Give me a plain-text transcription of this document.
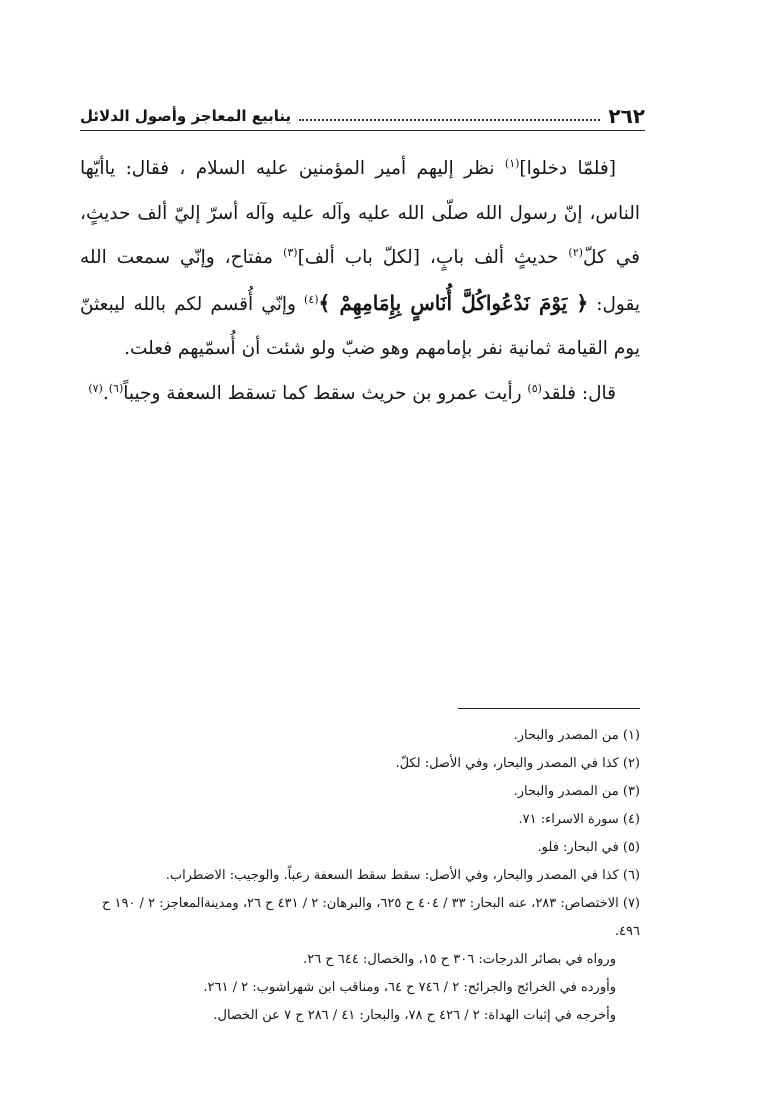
٢٦٢
ينابيع المعاجز وأصول الدلائل

[فلمّا دخلوا]$^{(١)}$ نظر إليهم أمير المؤمنين عليه السلام ، فقال: ياأيّها الناس، إنّ رسول الله صلّى الله عليه وآله عليه وآله أسرّ إليّ ألف حديثٍ، في كلّ$^{(٢)}$ حديثٍ ألف بابٍ، [لكلّ باب ألف]$^{(٣)}$ مفتاح، وإنّي سمعت الله يقول: ﴿ يَوْمَ نَدْعُواكُلَّ أُنَاسٍ بِإِمَامِهِمْ ﴾$^{(٤)}$ وإنّي أُقسم لكم بالله ليبعثنّ يوم القيامة ثمانية نفر بإمامهم وهو ضبّ ولو شئت أن أُسمّيهم فعلت.

قال: فلقد$^{(٥)}$ رأيت عمرو بن حريث سقط كما تسقط السعفة وجيباً$^{(٦)}$.$^{(٧)}$

(١) من المصدر والبحار.

(٢) كذا في المصدر والبحار، وفي الأصل: لكلّ.

(٣) من المصدر والبحار.

(٤) سورة الاسراء: ٧١.

(٥) في البحار: فلو.

(٦) كذا في المصدر والبحار، وفي الأصل: سقط سقط السعفة رعباً. والوجيب: الاضطراب.

(٧) الاختصاص: ٢٨٣، عنه البحار: ٣٣ / ٤٠٤ ح ٦٢٥، والبرهان: ٢ / ٤٣١ ح ٢٦، ومدينةالمعاجز: ٢ / ١٩٠ ح ٤٩٦.

ورواه في بصائر الدرجات: ٣٠٦ ح ١٥، والخصال: ٦٤٤ ح ٢٦.

وأورده في الخرائج والجرائح: ٢ / ٧٤٦ ح ٦٤، ومناقب ابن شهراشوب: ٢ / ٢٦١.

وأخرجه في إثبات الهداة: ٢ / ٤٢٦ ح ٧٨، والبحار: ٤١ / ٢٨٦ ح ٧ عن الخصال.
